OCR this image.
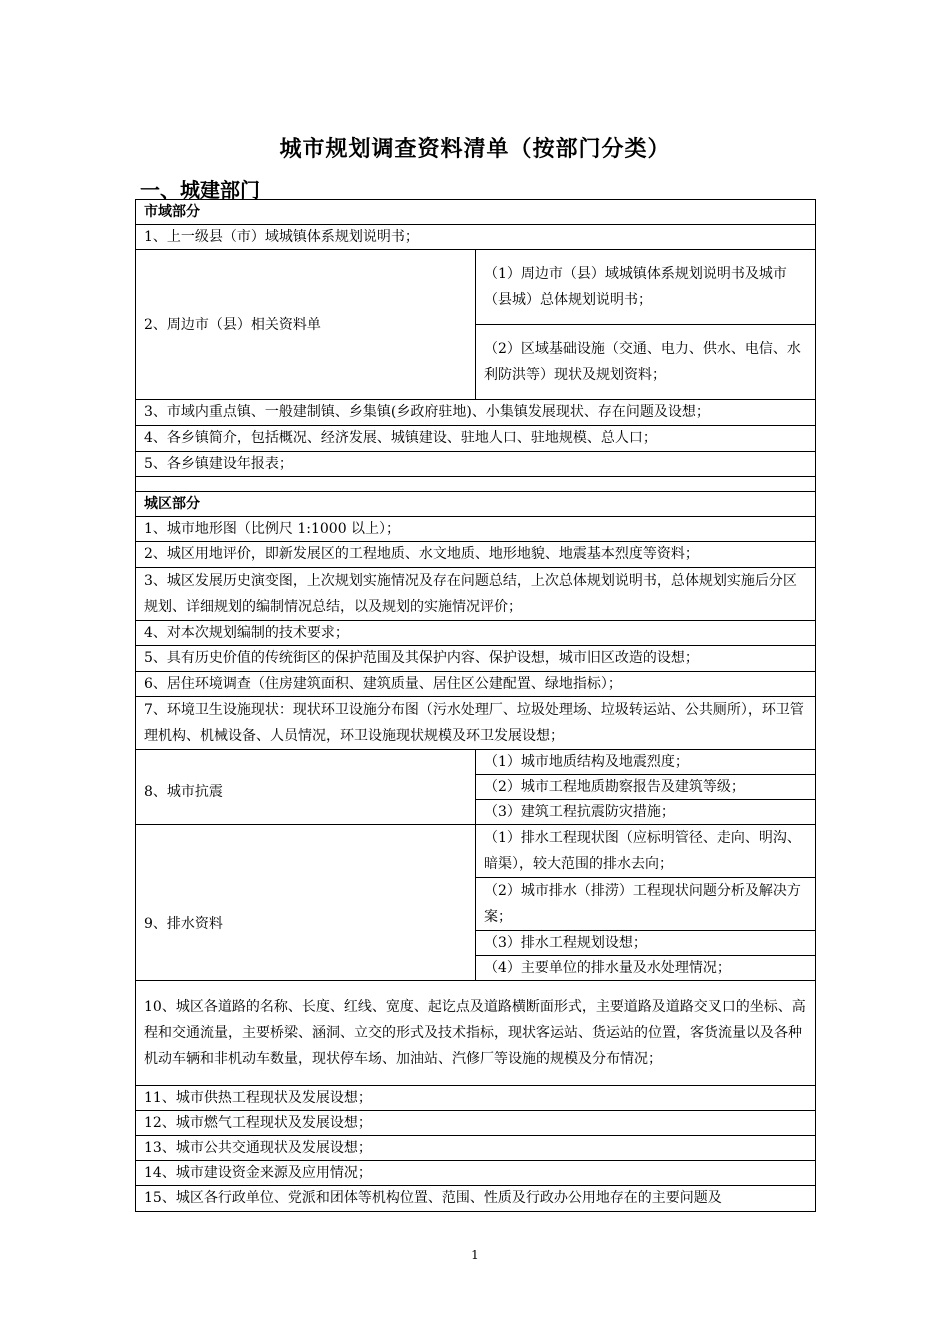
城市规划调查资料清单（按部门分类）
一、城建部门
市域部分	
1、上一级县（市）域城镇体系规划说明书；	
2、周边市（县）相关资料单	（1）周边市（县）域城镇体系规划说明书及城市（县城）总体规划说明书；
	（2）区域基础设施（交通、电力、供水、电信、水利防洪等）现状及规划资料；
3、市域内重点镇、一般建制镇、乡集镇(乡政府驻地)、小集镇发展现状、存在问题及设想；	
4、各乡镇简介，包括概况、经济发展、城镇建设、驻地人口、驻地规模、总人口；	
5、各乡镇建设年报表；	

城区部分	
1、城市地形图（比例尺 1:1000 以上）；	
2、城区用地评价，即新发展区的工程地质、水文地质、地形地貌、地震基本烈度等资料；	
3、城区发展历史演变图，上次规划实施情况及存在问题总结，上次总体规划说明书，总体规划实施后分区规划、详细规划的编制情况总结，以及规划的实施情况评价；	
4、对本次规划编制的技术要求；	
5、具有历史价值的传统街区的保护范围及其保护内容、保护设想，城市旧区改造的设想；	
6、居住环境调查（住房建筑面积、建筑质量、居住区公建配置、绿地指标）；	
7、环境卫生设施现状：现状环卫设施分布图（污水处理厂、垃圾处理场、垃圾转运站、公共厕所），环卫管理机构、机械设备、人员情况，环卫设施现状规模及环卫发展设想；	
8、城市抗震	（1）城市地质结构及地震烈度；
	（2）城市工程地质勘察报告及建筑等级；
	（3）建筑工程抗震防灾措施；
9、排水资料	（1）排水工程现状图（应标明管径、走向、明沟、暗渠），较大范围的排水去向；
	（2）城市排水（排涝）工程现状问题分析及解决方案；
	（3）排水工程规划设想；
	（4）主要单位的排水量及水处理情况；
10、城区各道路的名称、长度、红线、宽度、起讫点及道路横断面形式，主要道路及道路交叉口的坐标、高程和交通流量，主要桥梁、涵洞、立交的形式及技术指标，现状客运站、货运站的位置，客货流量以及各种机动车辆和非机动车数量，现状停车场、加油站、汽修厂等设施的规模及分布情况；	
11、城市供热工程现状及发展设想；	
12、城市燃气工程现状及发展设想；	
13、城市公共交通现状及发展设想；	
14、城市建设资金来源及应用情况；	
15、城区各行政单位、党派和团体等机构位置、范围、性质及行政办公用地存在的主要问题及	
1
